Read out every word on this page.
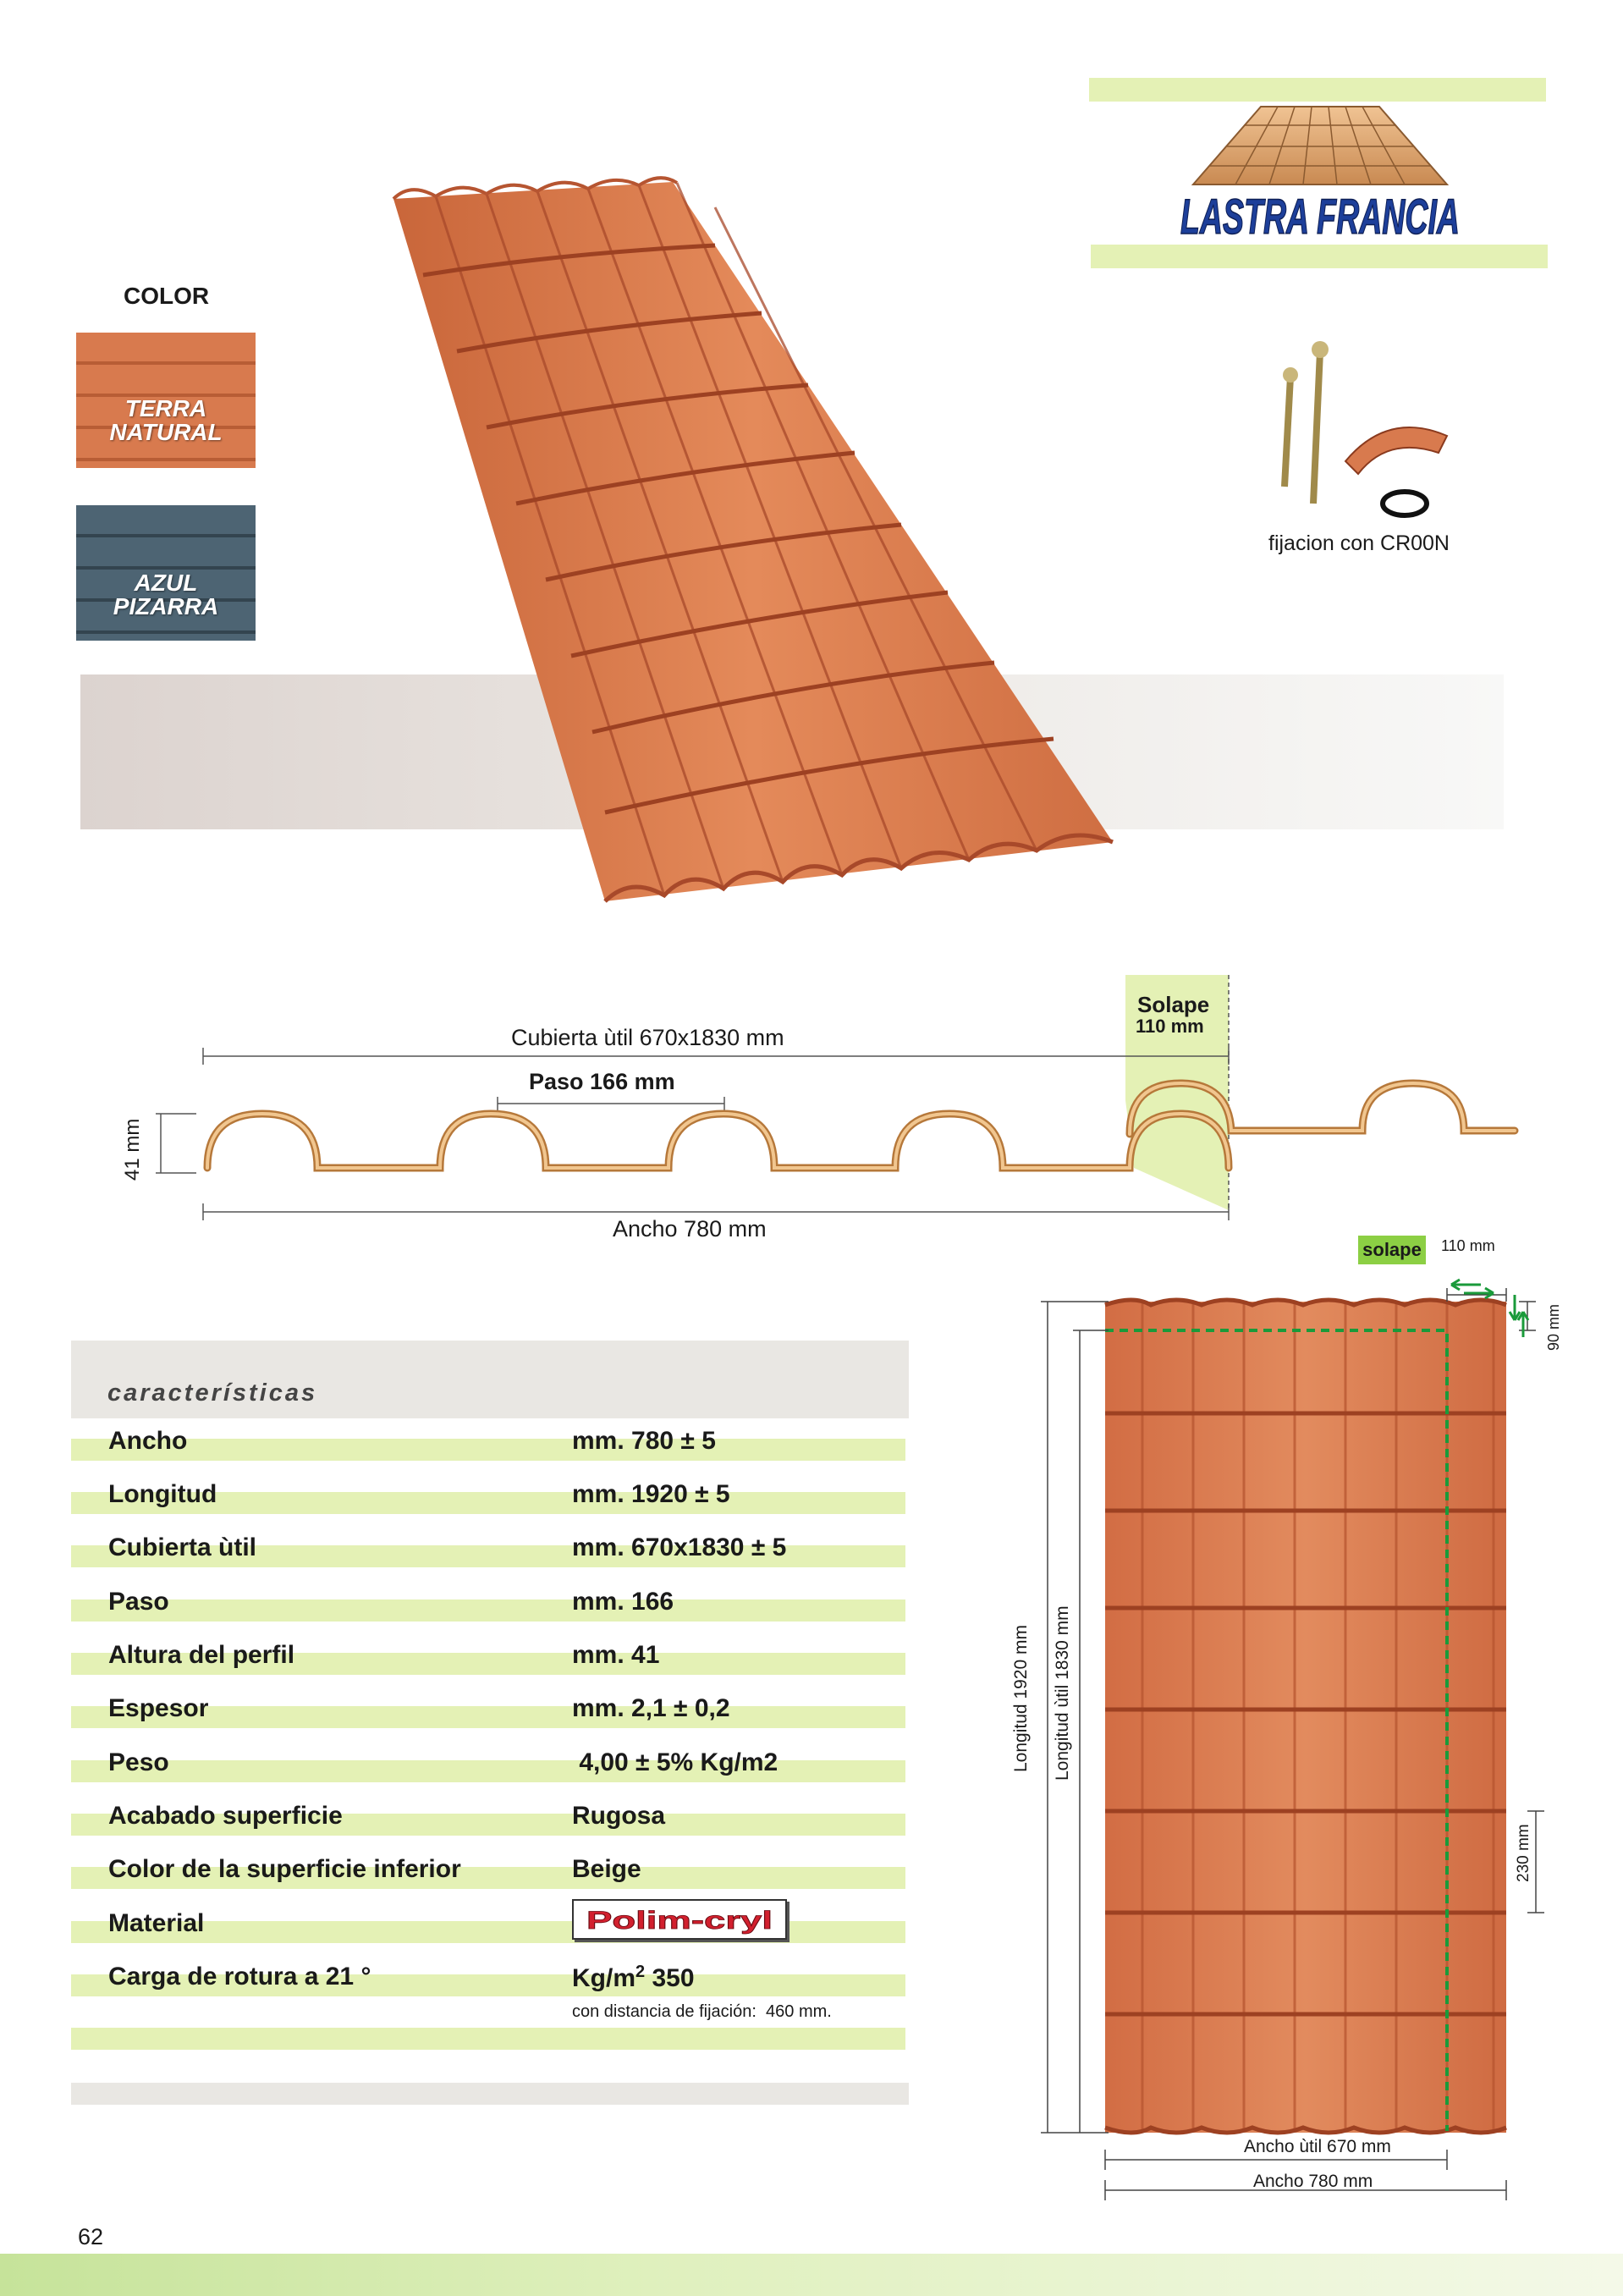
LASTRA FRANCIA
COLOR
TERRA
NATURAL
AZUL
PIZARRA
fijacion con CR00N
Solape
110 mm
Cubierta ùtil 670x1830 mm
Paso 166 mm
Ancho 780 mm
41 mm
características
Ancho	mm. 780 ± 5
Longitud	mm. 1920 ± 5
Cubierta ùtil	mm. 670x1830 ± 5
Paso	mm. 166
Altura del perfil	mm. 41
Espesor	mm. 2,1 ± 0,2
Peso	4,00 ± 5% Kg/m2
Acabado superficie	Rugosa
Color de la superficie inferior	Beige
Material	Polim-cryl
Carga de rotura a 21 °	$Kg/m^2$ 350
con distancia de fijación:  460 mm.
solape 110 mm
90 mm
Longitud 1920 mm Longitud ùtil 1830 mm
230 mm
Ancho ùtil 670 mm
Ancho 780 mm
62
